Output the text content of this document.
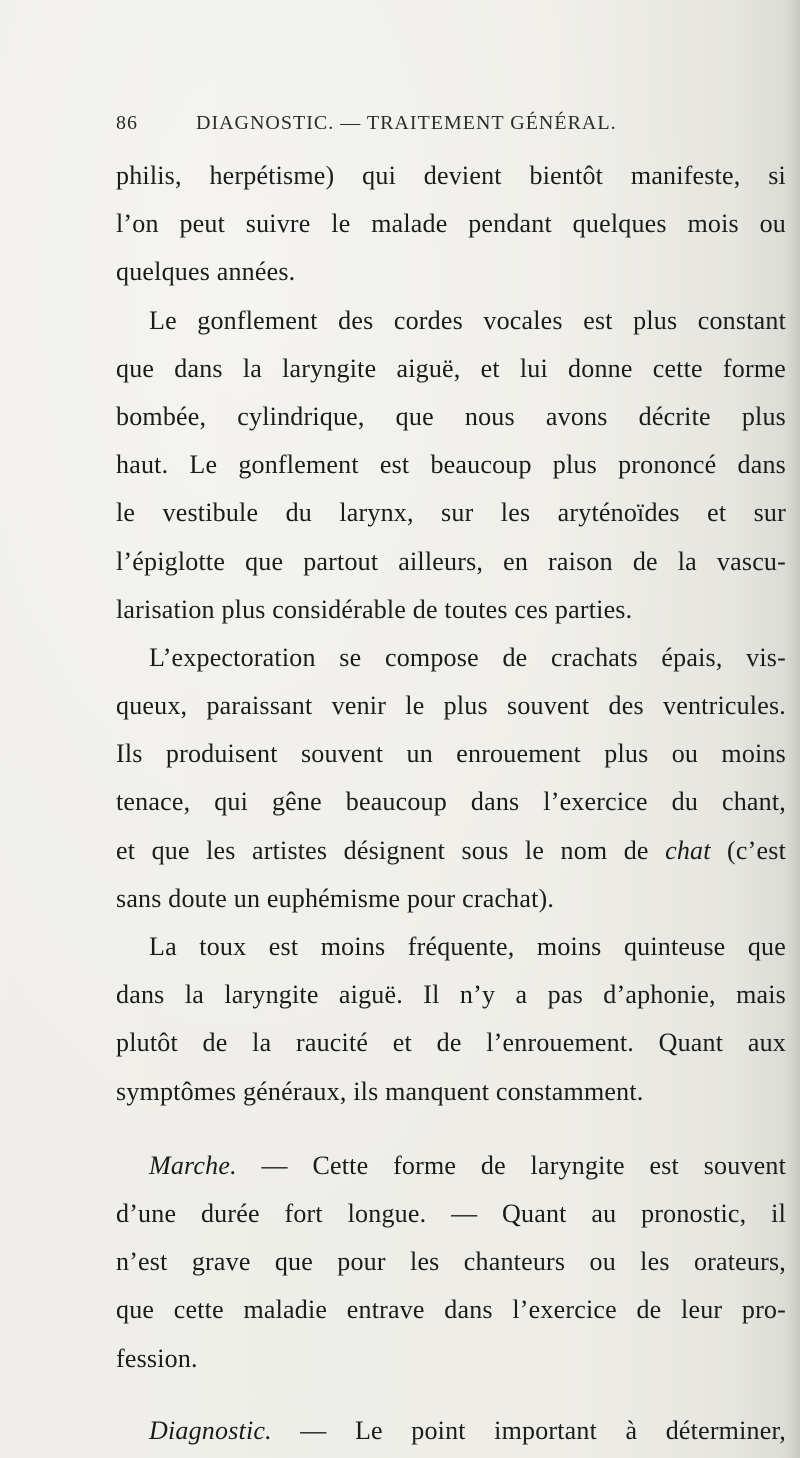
86	DIAGNOSTIC. — TRAITEMENT GÉNÉRAL.
philis, herpétisme) qui devient bientôt manifeste, si
l’on peut suivre le malade pendant quelques mois ou
quelques années.
Le gonflement des cordes vocales est plus constant
que dans la laryngite aiguë, et lui donne cette forme
bombée, cylindrique, que nous avons décrite plus
haut. Le gonflement est beaucoup plus prononcé dans
le vestibule du larynx, sur les aryténoïdes et sur
l’épiglotte que partout ailleurs, en raison de la vascu-
larisation plus considérable de toutes ces parties.
L’expectoration se compose de crachats épais, vis-
queux, paraissant venir le plus souvent des ventricules.
Ils produisent souvent un enrouement plus ou moins
tenace, qui gêne beaucoup dans l’exercice du chant,
et que les artistes désignent sous le nom de chat (c’est
sans doute un euphémisme pour crachat).
La toux est moins fréquente, moins quinteuse que
dans la laryngite aiguë. Il n’y a pas d’aphonie, mais
plutôt de la raucité et de l’enrouement. Quant aux
symptômes généraux, ils manquent constamment.
Marche. — Cette forme de laryngite est souvent
d’une durée fort longue. — Quant au pronostic, il
n’est grave que pour les chanteurs ou les orateurs,
que cette maladie entrave dans l’exercice de leur pro-
fession.
Diagnostic. — Le point important à déterminer,
